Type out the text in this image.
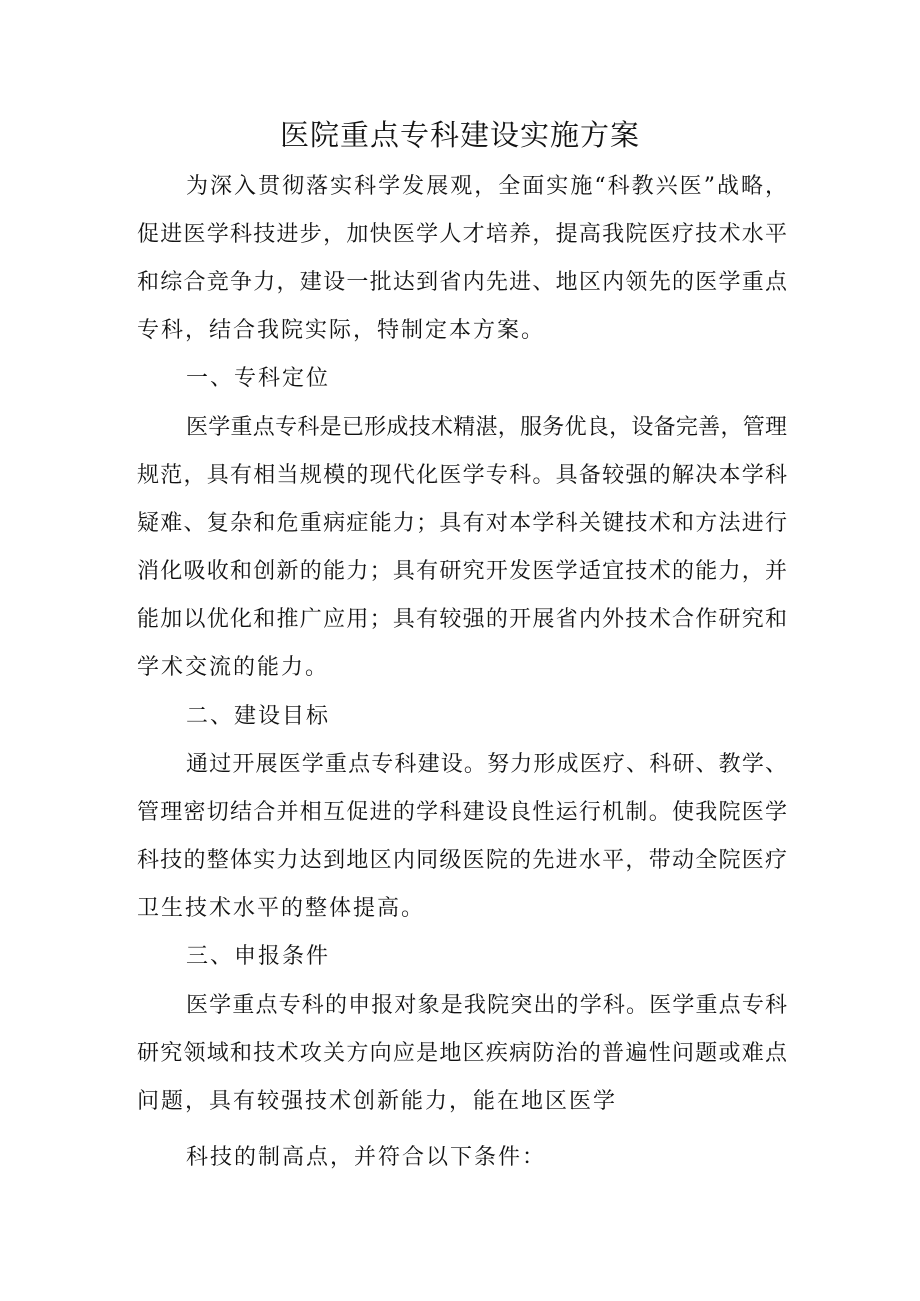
医院重点专科建设实施方案

为深入贯彻落实科学发展观，全面实施“科教兴医”战略，

促进医学科技进步，加快医学人才培养，提高我院医疗技术水平

和综合竞争力，建设一批达到省内先进、地区内领先的医学重点

专科，结合我院实际，特制定本方案。

一、专科定位

医学重点专科是已形成技术精湛，服务优良，设备完善，管理

规范，具有相当规模的现代化医学专科。具备较强的解决本学科

疑难、复杂和危重病症能力；具有对本学科关键技术和方法进行

消化吸收和创新的能力；具有研究开发医学适宜技术的能力，并

能加以优化和推广应用；具有较强的开展省内外技术合作研究和

学术交流的能力。

二、建设目标

通过开展医学重点专科建设。努力形成医疗、科研、教学、

管理密切结合并相互促进的学科建设良性运行机制。使我院医学

科技的整体实力达到地区内同级医院的先进水平，带动全院医疗

卫生技术水平的整体提高。

三、申报条件

医学重点专科的申报对象是我院突出的学科。医学重点专科

研究领域和技术攻关方向应是地区疾病防治的普遍性问题或难点

问题，具有较强技术创新能力，能在地区医学

科技的制高点，并符合以下条件：
